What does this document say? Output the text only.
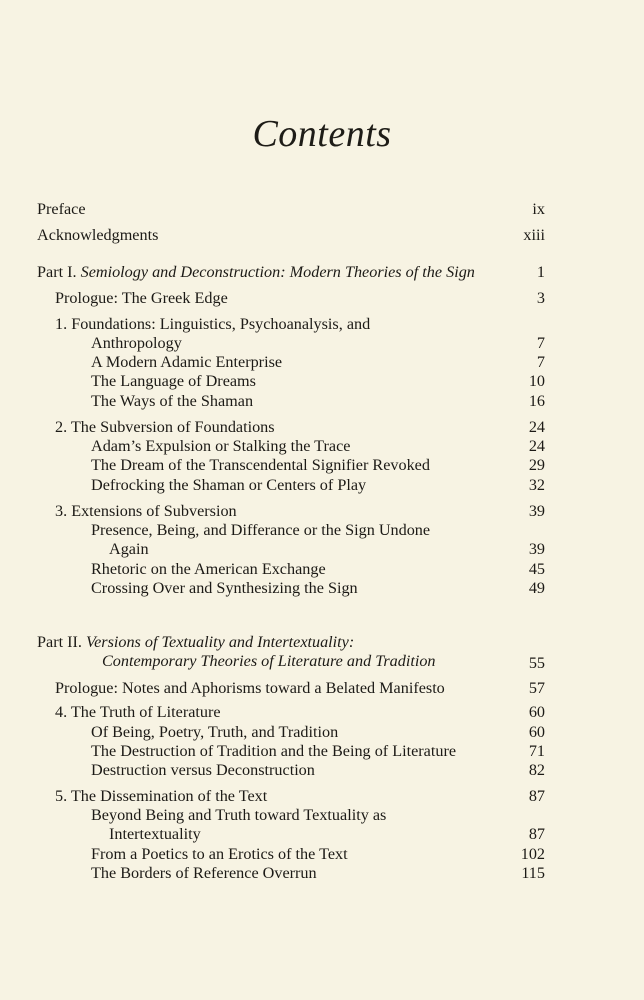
Contents
Preface	ix
Acknowledgments	xiii
Part I. Semiology and Deconstruction: Modern Theories of the Sign	1
Prologue: The Greek Edge	3
1. Foundations: Linguistics, Psychoanalysis, and
Anthropology	7
A Modern Adamic Enterprise	7
The Language of Dreams	10
The Ways of the Shaman	16
2. The Subversion of Foundations	24
Adam’s Expulsion or Stalking the Trace	24
The Dream of the Transcendental Signifier Revoked	29
Defrocking the Shaman or Centers of Play	32
3. Extensions of Subversion	39
Presence, Being, and Differance or the Sign Undone
Again	39
Rhetoric on the American Exchange	45
Crossing Over and Synthesizing the Sign	49
Part II. Versions of Textuality and Intertextuality:
Contemporary Theories of Literature and Tradition	55
Prologue: Notes and Aphorisms toward a Belated Manifesto	57
4. The Truth of Literature	60
Of Being, Poetry, Truth, and Tradition	60
The Destruction of Tradition and the Being of Literature	71
Destruction versus Deconstruction	82
5. The Dissemination of the Text	87
Beyond Being and Truth toward Textuality as
Intertextuality	87
From a Poetics to an Erotics of the Text	102
The Borders of Reference Overrun	115
